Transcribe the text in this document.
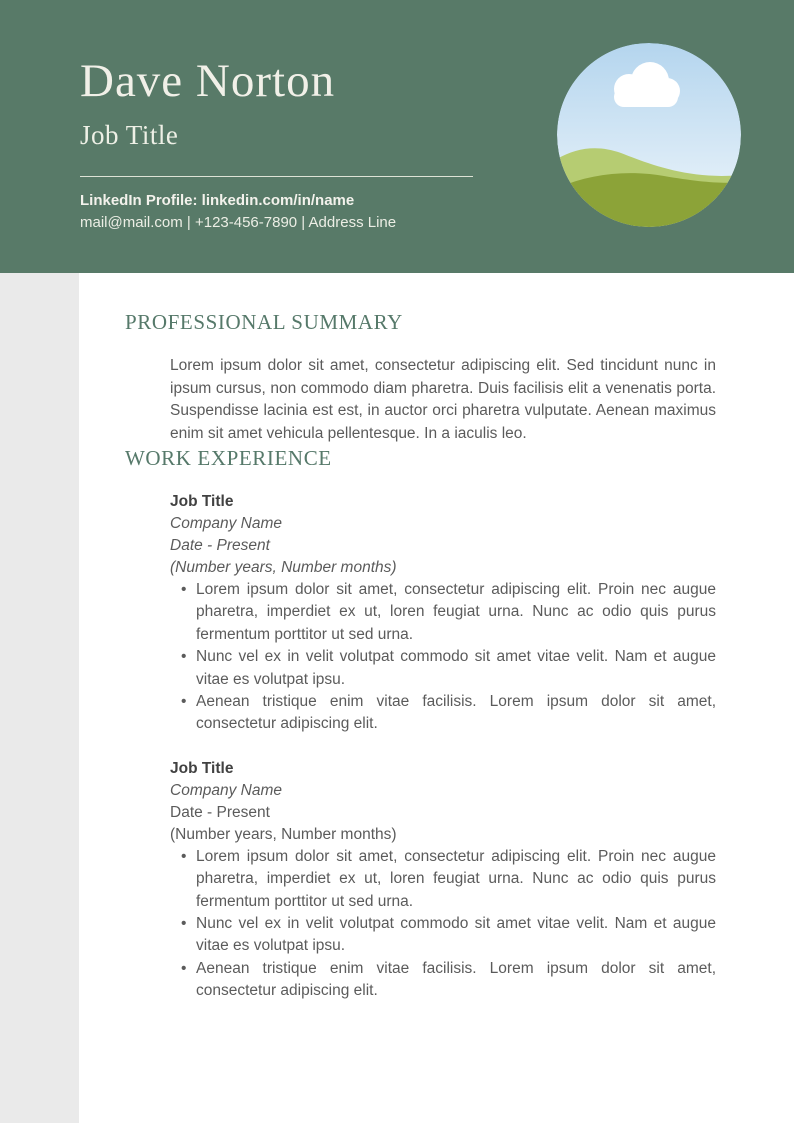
Dave Norton
Job Title
LinkedIn Profile: linkedin.com/in/name
mail@mail.com | +123-456-7890 | Address Line
PROFESSIONAL SUMMARY

Lorem ipsum dolor sit amet, consectetur adipiscing elit. Sed tincidunt nunc in ipsum cursus, non commodo diam pharetra. Duis facilisis elit a venenatis porta. Suspendisse lacinia est est, in auctor orci pharetra vulputate. Aenean maximus enim sit amet vehicula pellentesque. In a iaculis leo.

WORK EXPERIENCE
Job Title
Company Name
Date - Present
(Number years, Number months)
• Lorem ipsum dolor sit amet, consectetur adipiscing elit. Proin nec augue pharetra, imperdiet ex ut, loren feugiat urna. Nunc ac odio quis purus fermentum porttitor ut sed urna.
• Nunc vel ex in velit volutpat commodo sit amet vitae velit. Nam et augue vitae es volutpat ipsu.
• Aenean tristique enim vitae facilisis. Lorem ipsum dolor sit amet, consectetur adipiscing elit.
Job Title
Company Name
Date - Present
(Number years, Number months)
• Lorem ipsum dolor sit amet, consectetur adipiscing elit. Proin nec augue pharetra, imperdiet ex ut, loren feugiat urna. Nunc ac odio quis purus fermentum porttitor ut sed urna.
• Nunc vel ex in velit volutpat commodo sit amet vitae velit. Nam et augue vitae es volutpat ipsu.
• Aenean tristique enim vitae facilisis. Lorem ipsum dolor sit amet, consectetur adipiscing elit.
